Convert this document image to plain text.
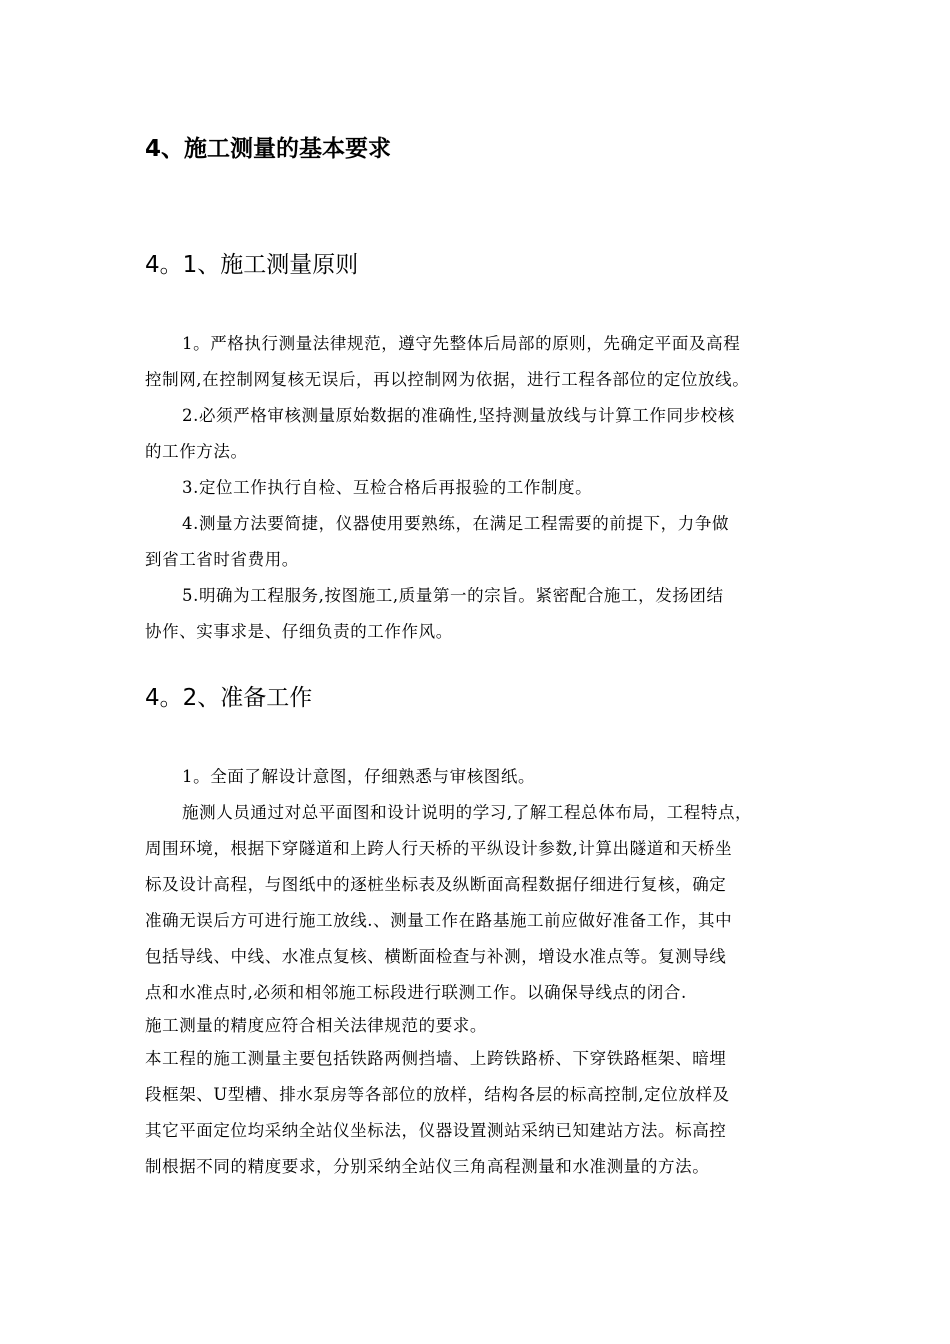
4、施工测量的基本要求
4。1、施工测量原则
1。严格执行测量法律规范，遵守先整体后局部的原则，先确定平面及高程
控制网,在控制网复核无误后，再以控制网为依据，进行工程各部位的定位放线。
2.必须严格审核测量原始数据的准确性,坚持测量放线与计算工作同步校核
的工作方法。
3.定位工作执行自检、互检合格后再报验的工作制度。
4.测量方法要简捷，仪器使用要熟练，在满足工程需要的前提下，力争做
到省工省时省费用。
5.明确为工程服务,按图施工,质量第一的宗旨。紧密配合施工，发扬团结
协作、实事求是、仔细负责的工作作风。
4。2、准备工作
1。全面了解设计意图，仔细熟悉与审核图纸。
施测人员通过对总平面图和设计说明的学习,了解工程总体布局，工程特点，
周围环境，根据下穿隧道和上跨人行天桥的平纵设计参数,计算出隧道和天桥坐
标及设计高程，与图纸中的逐桩坐标表及纵断面高程数据仔细进行复核，确定
准确无误后方可进行施工放线.、测量工作在路基施工前应做好准备工作，其中
包括导线、中线、水准点复核、横断面检查与补测，增设水准点等。复测导线
点和水准点时,必须和相邻施工标段进行联测工作。以确保导线点的闭合.
施工测量的精度应符合相关法律规范的要求。
本工程的施工测量主要包括铁路两侧挡墙、上跨铁路桥、下穿铁路框架、暗埋
段框架、U型槽、排水泵房等各部位的放样，结构各层的标高控制,定位放样及
其它平面定位均采纳全站仪坐标法，仪器设置测站采纳已知建站方法。标高控
制根据不同的精度要求，分别采纳全站仪三角高程测量和水准测量的方法。
